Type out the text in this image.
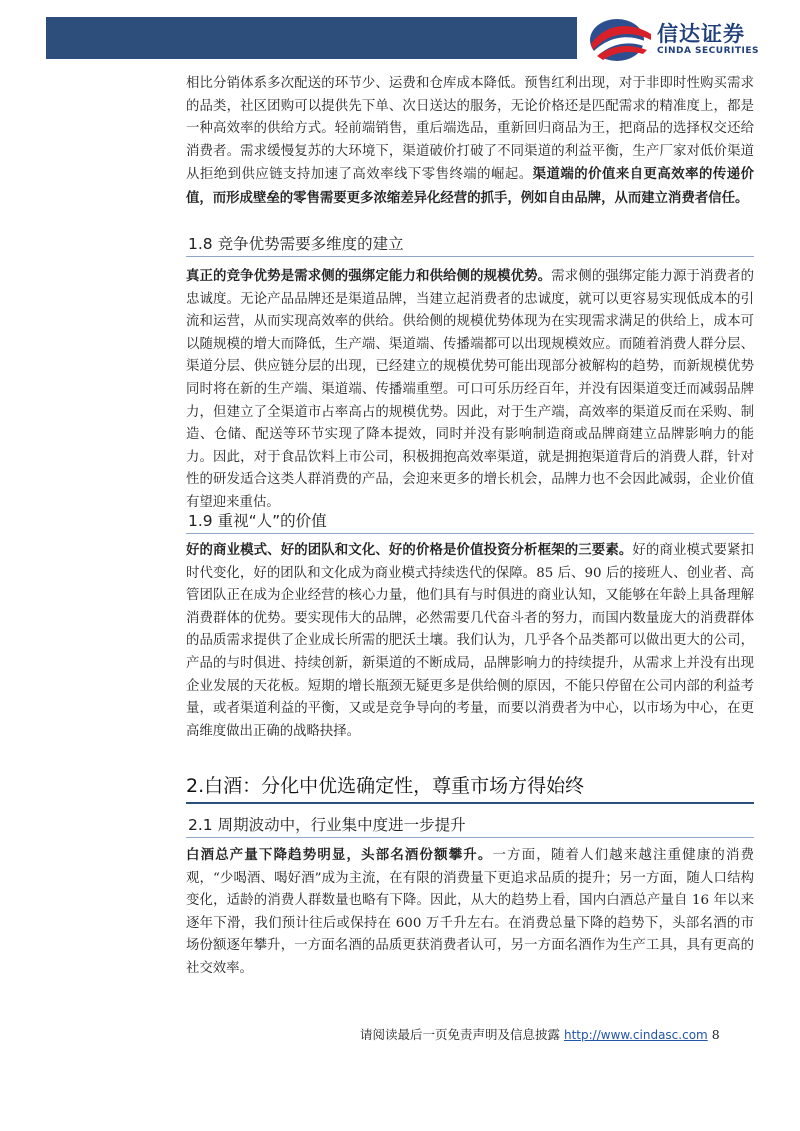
信达证券
CINDA SECURITIES

相比分销体系多次配送的环节少、运费和仓库成本降低。预售红利出现，对于非即时性购买需求的品类，社区团购可以提供先下单、次日送达的服务，无论价格还是匹配需求的精准度上，都是一种高效率的供给方式。轻前端销售，重后端选品，重新回归商品为王，把商品的选择权交还给消费者。需求缓慢复苏的大环境下，渠道破价打破了不同渠道的利益平衡，生产厂家对低价渠道从拒绝到供应链支持加速了高效率线下零售终端的崛起。渠道端的价值来自更高效率的传递价值，而形成壁垒的零售需要更多浓缩差异化经营的抓手，例如自由品牌，从而建立消费者信任。

1.8 竞争优势需要多维度的建立

真正的竞争优势是需求侧的强绑定能力和供给侧的规模优势。需求侧的强绑定能力源于消费者的忠诚度。无论产品品牌还是渠道品牌，当建立起消费者的忠诚度，就可以更容易实现低成本的引流和运营，从而实现高效率的供给。供给侧的规模优势体现为在实现需求满足的供给上，成本可以随规模的增大而降低，生产端、渠道端、传播端都可以出现规模效应。而随着消费人群分层、渠道分层、供应链分层的出现，已经建立的规模优势可能出现部分被解构的趋势，而新规模优势同时将在新的生产端、渠道端、传播端重塑。可口可乐历经百年，并没有因渠道变迁而减弱品牌力，但建立了全渠道市占率高占的规模优势。因此，对于生产端，高效率的渠道反而在采购、制造、仓储、配送等环节实现了降本提效，同时并没有影响制造商或品牌商建立品牌影响力的能力。因此，对于食品饮料上市公司，积极拥抱高效率渠道，就是拥抱渠道背后的消费人群，针对性的研发适合这类人群消费的产品，会迎来更多的增长机会，品牌力也不会因此减弱，企业价值有望迎来重估。

1.9 重视“人”的价值

好的商业模式、好的团队和文化、好的价格是价值投资分析框架的三要素。好的商业模式要紧扣时代变化，好的团队和文化成为商业模式持续迭代的保障。85 后、90 后的接班人、创业者、高管团队正在成为企业经营的核心力量，他们具有与时俱进的商业认知，又能够在年龄上具备理解消费群体的优势。要实现伟大的品牌，必然需要几代奋斗者的努力，而国内数量庞大的消费群体的品质需求提供了企业成长所需的肥沃土壤。我们认为，几乎各个品类都可以做出更大的公司，产品的与时俱进、持续创新，新渠道的不断成局，品牌影响力的持续提升，从需求上并没有出现企业发展的天花板。短期的增长瓶颈无疑更多是供给侧的原因，不能只停留在公司内部的利益考量，或者渠道利益的平衡，又或是竞争导向的考量，而要以消费者为中心，以市场为中心，在更高维度做出正确的战略抉择。

2.白酒：分化中优选确定性，尊重市场方得始终
2.1 周期波动中，行业集中度进一步提升

白酒总产量下降趋势明显，头部名酒份额攀升。一方面，随着人们越来越注重健康的消费观，“少喝酒、喝好酒”成为主流，在有限的消费量下更追求品质的提升；另一方面，随人口结构变化，适龄的消费人群数量也略有下降。因此，从大的趋势上看，国内白酒总产量自 16 年以来逐年下滑，我们预计往后或保持在 600 万千升左右。在消费总量下降的趋势下，头部名酒的市场份额逐年攀升，一方面名酒的品质更获消费者认可，另一方面名酒作为生产工具，具有更高的社交效率。

请阅读最后一页免责声明及信息披露 http://www.cindasc.com 8
